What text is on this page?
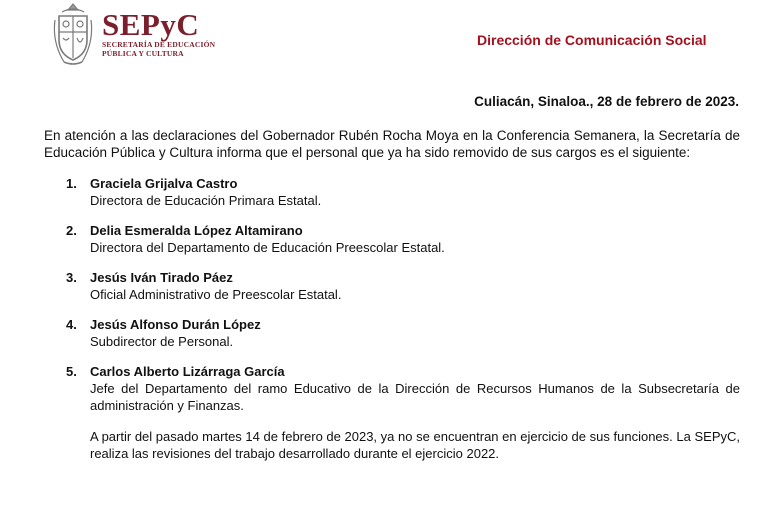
SEPyC
SECRETARÍA DE EDUCACIÓN
PÚBLICA Y CULTURA
Dirección de Comunicación Social
Culiacán, Sinaloa., 28 de febrero de 2023.

En atención a las declaraciones del Gobernador Rubén Rocha Moya en la Conferencia Semanera, la Secretaría de Educación Pública y Cultura informa que el personal que ya ha sido removido de sus cargos es el siguiente:

1. Graciela Grijalva Castro
Directora de Educación Primara Estatal.
2. Delia Esmeralda López Altamirano
Directora del Departamento de Educación Preescolar Estatal.
3. Jesús Iván Tirado Páez
Oficial Administrativo de Preescolar Estatal.
4. Jesús Alfonso Durán López
Subdirector de Personal.
5. Carlos Alberto Lizárraga García
Jefe del Departamento del ramo Educativo de la Dirección de Recursos Humanos de la Subsecretaría de administración y Finanzas.

A partir del pasado martes 14 de febrero de 2023, ya no se encuentran en ejercicio de sus funciones. La SEPyC, realiza las revisiones del trabajo desarrollado durante el ejercicio 2022.
